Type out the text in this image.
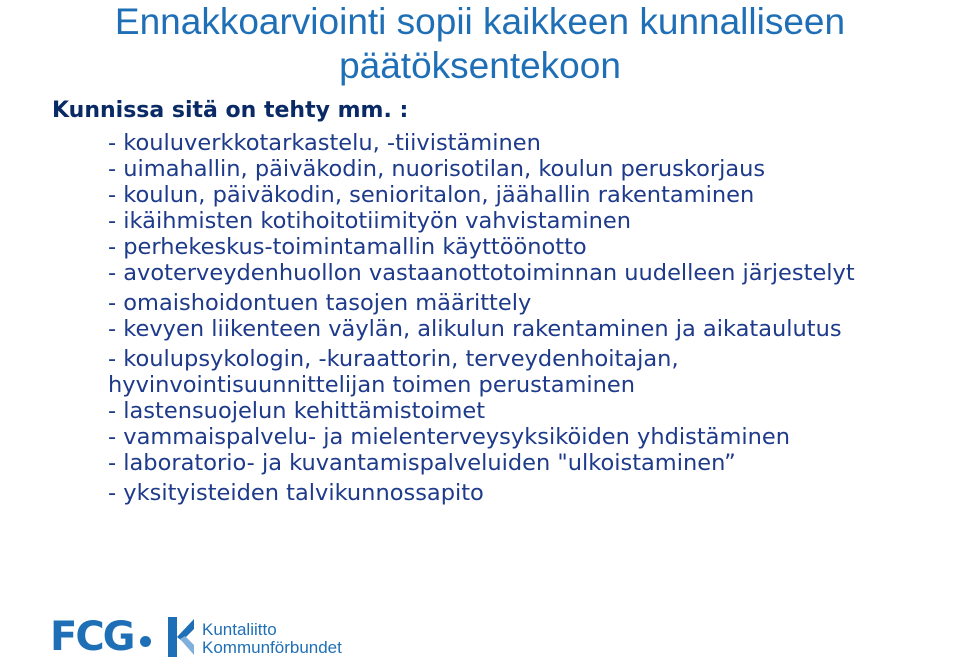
Ennakkoarviointi sopii kaikkeen kunnalliseen
päätöksentekoon

Kunnissa sitä on tehty mm. :

- kouluverkkotarkastelu, -tiivistäminen
- uimahallin, päiväkodin, nuorisotilan, koulun peruskorjaus
- koulun, päiväkodin, senioritalon, jäähallin rakentaminen
- ikäihmisten kotihoitotiimityön vahvistaminen
- perhekeskus-toimintamallin käyttöönotto
- avoterveydenhuollon vastaanottotoiminnan uudelleen järjestelyt
- omaishoidontuen tasojen määrittely
- kevyen liikenteen väylän, alikulun rakentaminen ja aikataulutus
- koulupsykologin, -kuraattorin, terveydenhoitajan, hyvinvointisuunnittelijan toimen perustaminen
- lastensuojelun kehittämistoimet
- vammaispalvelu- ja mielenterveysyksiköiden yhdistäminen
- laboratorio- ja kuvantamispalveluiden "ulkoistaminen”
- yksityisteiden talvikunnossapito
FCG	Kuntaliitto
Kommunförbundet
